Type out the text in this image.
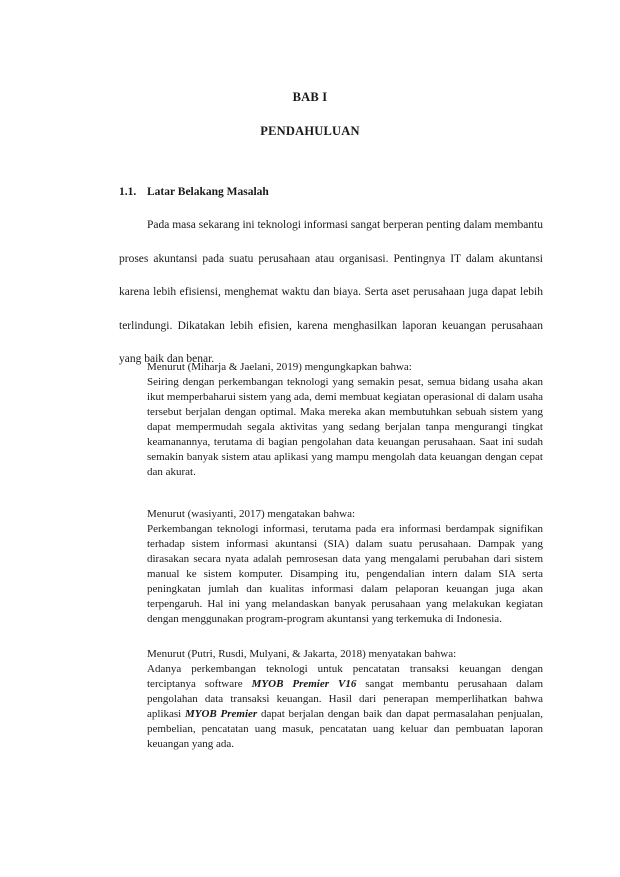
BAB I
PENDAHULUAN
1.1. Latar Belakang Masalah

Pada masa sekarang ini teknologi informasi sangat berperan penting dalam membantu proses akuntansi pada suatu perusahaan atau organisasi. Pentingnya IT dalam akuntansi karena lebih efisiensi, menghemat waktu dan biaya. Serta aset perusahaan juga dapat lebih terlindungi. Dikatakan lebih efisien, karena menghasilkan laporan keuangan perusahaan yang baik dan benar.

Menurut (Miharja & Jaelani, 2019) mengungkapkan bahwa:

Seiring dengan perkembangan teknologi yang semakin pesat, semua bidang usaha akan ikut memperbaharui sistem yang ada, demi membuat kegiatan operasional di dalam usaha tersebut berjalan dengan optimal. Maka mereka akan membutuhkan sebuah sistem yang dapat mempermudah segala aktivitas yang sedang berjalan tanpa mengurangi tingkat keamanannya, terutama di bagian pengolahan data keuangan perusahaan. Saat ini sudah semakin banyak sistem atau aplikasi yang mampu mengolah data keuangan dengan cepat dan akurat.

Menurut (wasiyanti, 2017) mengatakan bahwa:

Perkembangan teknologi informasi, terutama pada era informasi berdampak signifikan terhadap sistem informasi akuntansi (SIA) dalam suatu perusahaan. Dampak yang dirasakan secara nyata adalah pemrosesan data yang mengalami perubahan dari sistem manual ke sistem komputer. Disamping itu, pengendalian intern dalam SIA serta peningkatan jumlah dan kualitas informasi dalam pelaporan keuangan juga akan terpengaruh. Hal ini yang melandaskan banyak perusahaan yang melakukan kegiatan dengan menggunakan program-program akuntansi yang terkemuka di Indonesia.

Menurut (Putri, Rusdi, Mulyani, & Jakarta, 2018) menyatakan bahwa:

Adanya perkembangan teknologi untuk pencatatan transaksi keuangan dengan terciptanya software MYOB Premier V16 sangat membantu perusahaan dalam pengolahan data transaksi keuangan. Hasil dari penerapan memperlihatkan bahwa aplikasi MYOB Premier dapat berjalan dengan baik dan dapat permasalahan penjualan, pembelian, pencatatan uang masuk, pencatatan uang keluar dan pembuatan laporan keuangan yang ada.
